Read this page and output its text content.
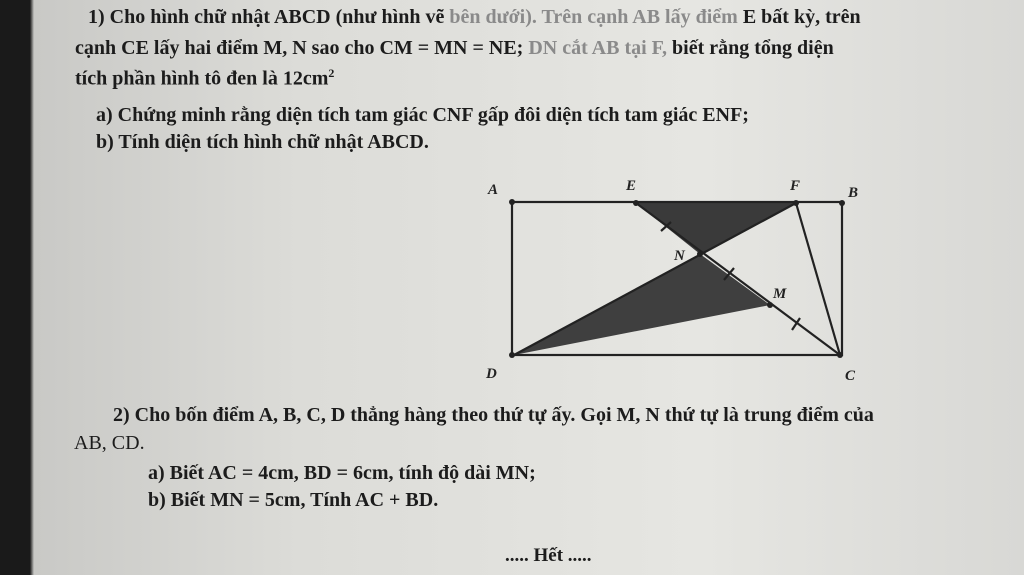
1) Cho hình chữ nhật ABCD (như hình vẽ bên dưới). Trên cạnh AB lấy điểm E bất kỳ, trên
cạnh CE lấy hai điểm M, N sao cho CM = MN = NE; DN cắt AB tại F, biết rằng tổng diện
tích phần hình tô đen là $12cm^2$
a) Chứng minh rằng diện tích tam giác CNF gấp đôi diện tích tam giác ENF;
b) Tính diện tích hình chữ nhật ABCD.
A	E	F	B
D	C
N
M
2) Cho bốn điểm A, B, C, D thẳng hàng theo thứ tự ấy. Gọi M, N thứ tự là trung điểm của
AB, CD.
a) Biết AC = 4cm, BD = 6cm, tính độ dài MN;
b) Biết MN = 5cm, Tính AC + BD.
..... Hết .....
